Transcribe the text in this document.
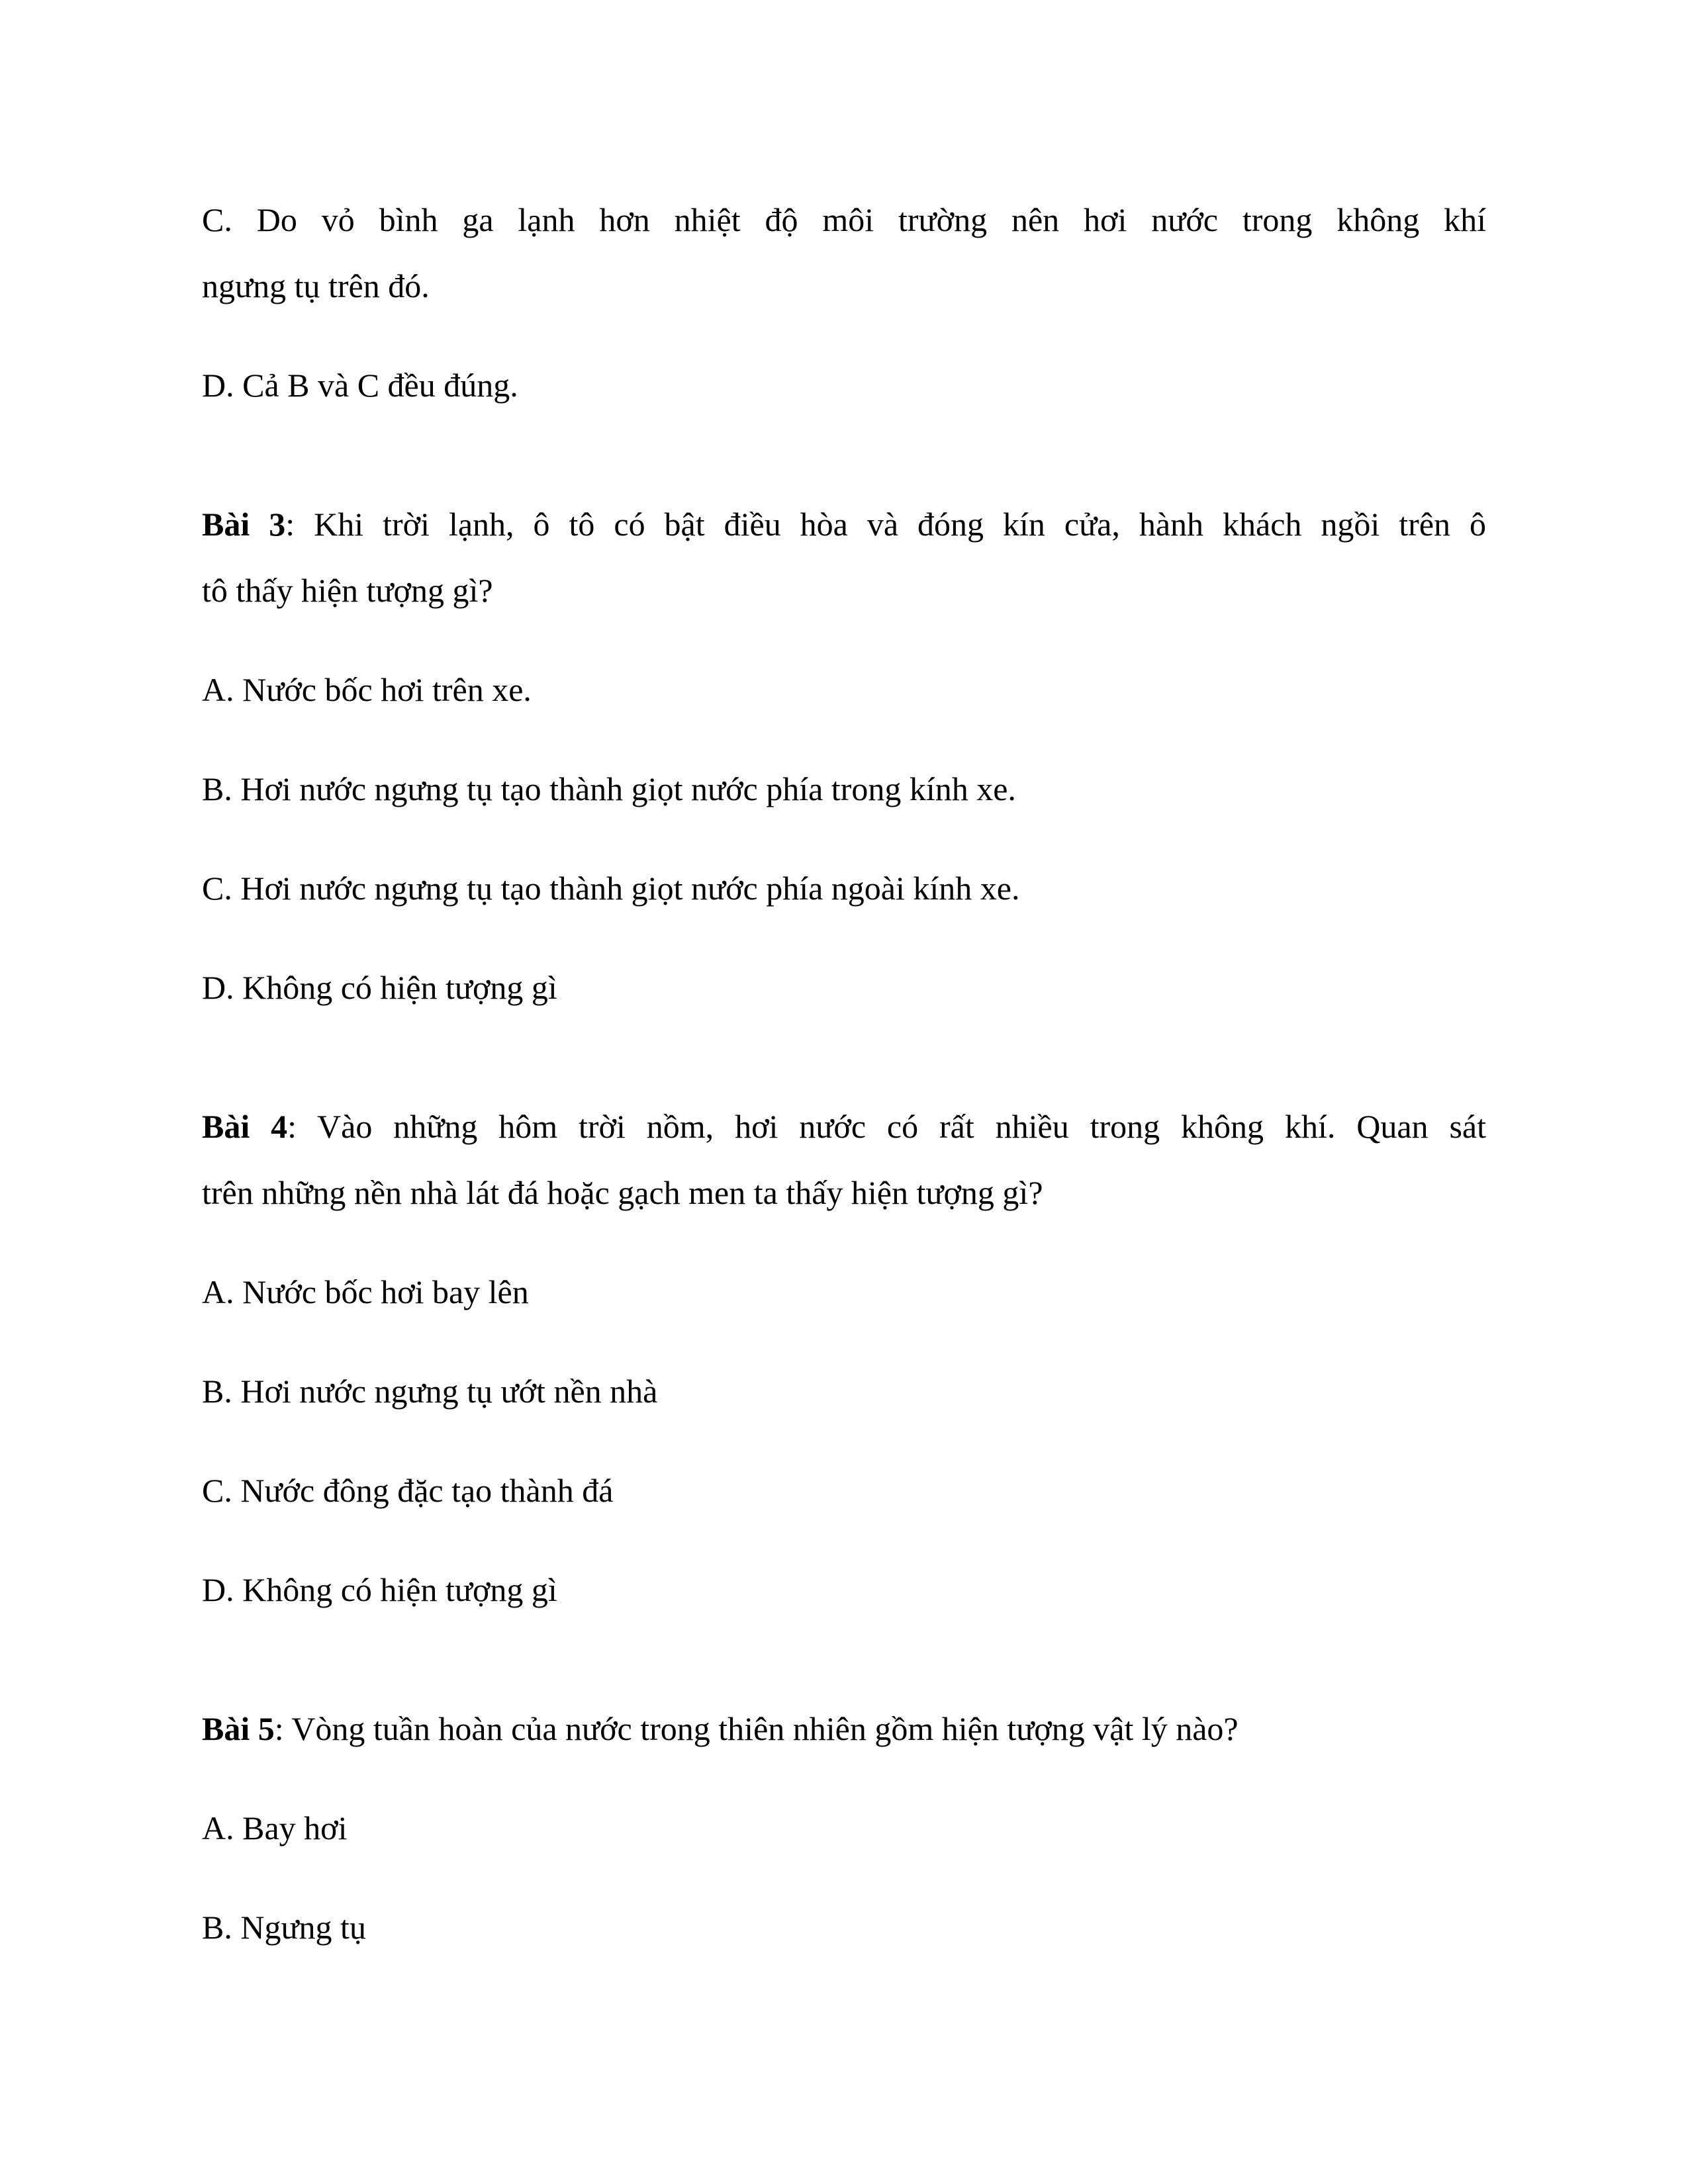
C. Do vỏ bình ga lạnh hơn nhiệt độ môi trường nên hơi nước trong không khí
ngưng tụ trên đó.
D. Cả B và C đều đúng.
Bài 3: Khi trời lạnh, ô tô có bật điều hòa và đóng kín cửa, hành khách ngồi trên ô
tô thấy hiện tượng gì?
A. Nước bốc hơi trên xe.
B. Hơi nước ngưng tụ tạo thành giọt nước phía trong kính xe.
C. Hơi nước ngưng tụ tạo thành giọt nước phía ngoài kính xe.
D. Không có hiện tượng gì
Bài 4: Vào những hôm trời nồm, hơi nước có rất nhiều trong không khí. Quan sát
trên những nền nhà lát đá hoặc gạch men ta thấy hiện tượng gì?
A. Nước bốc hơi bay lên
B. Hơi nước ngưng tụ ướt nền nhà
C. Nước đông đặc tạo thành đá
D. Không có hiện tượng gì
Bài 5: Vòng tuần hoàn của nước trong thiên nhiên gồm hiện tượng vật lý nào?
A. Bay hơi
B. Ngưng tụ
